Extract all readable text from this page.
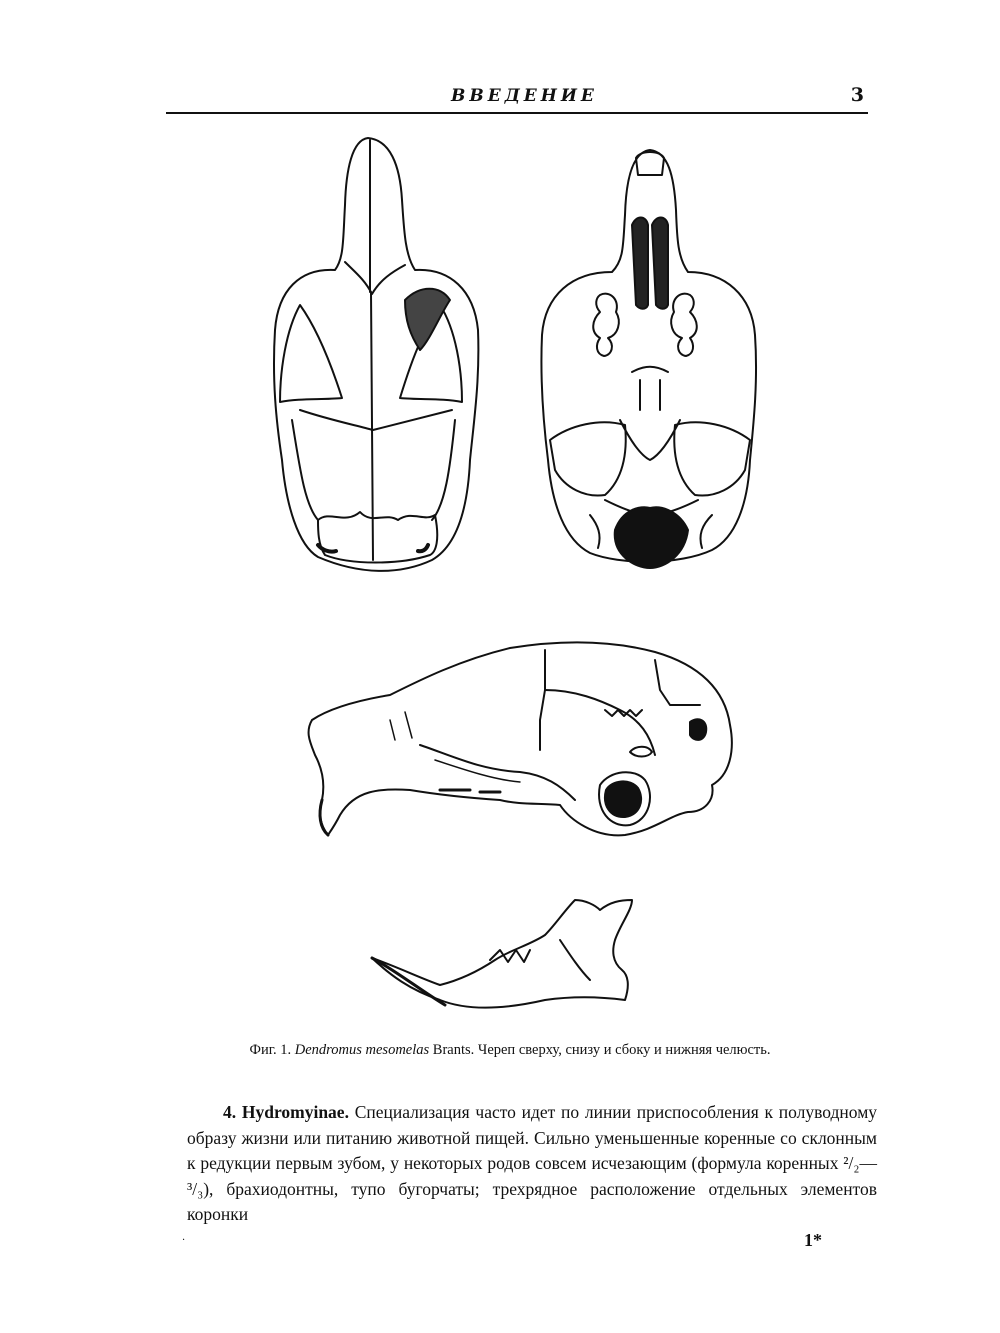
ВВЕДЕНИЕ	3
Фиг. 1. Dendromus mesomelas Brants. Череп сверху, снизу и сбоку и нижняя челюсть.

4. Hydromyinae. Специализация часто идет по линии приспособления к полуводному образу жизни или питанию животной пищей. Сильно уменьшенные коренные со склонным к редукции первым зубом, у некоторых родов совсем исчезающим (формула коренных ²/₂—³/₃), брахиодонтны, тупо бугорчаты; трехрядное расположение отдельных элементов коронки

·	1*
